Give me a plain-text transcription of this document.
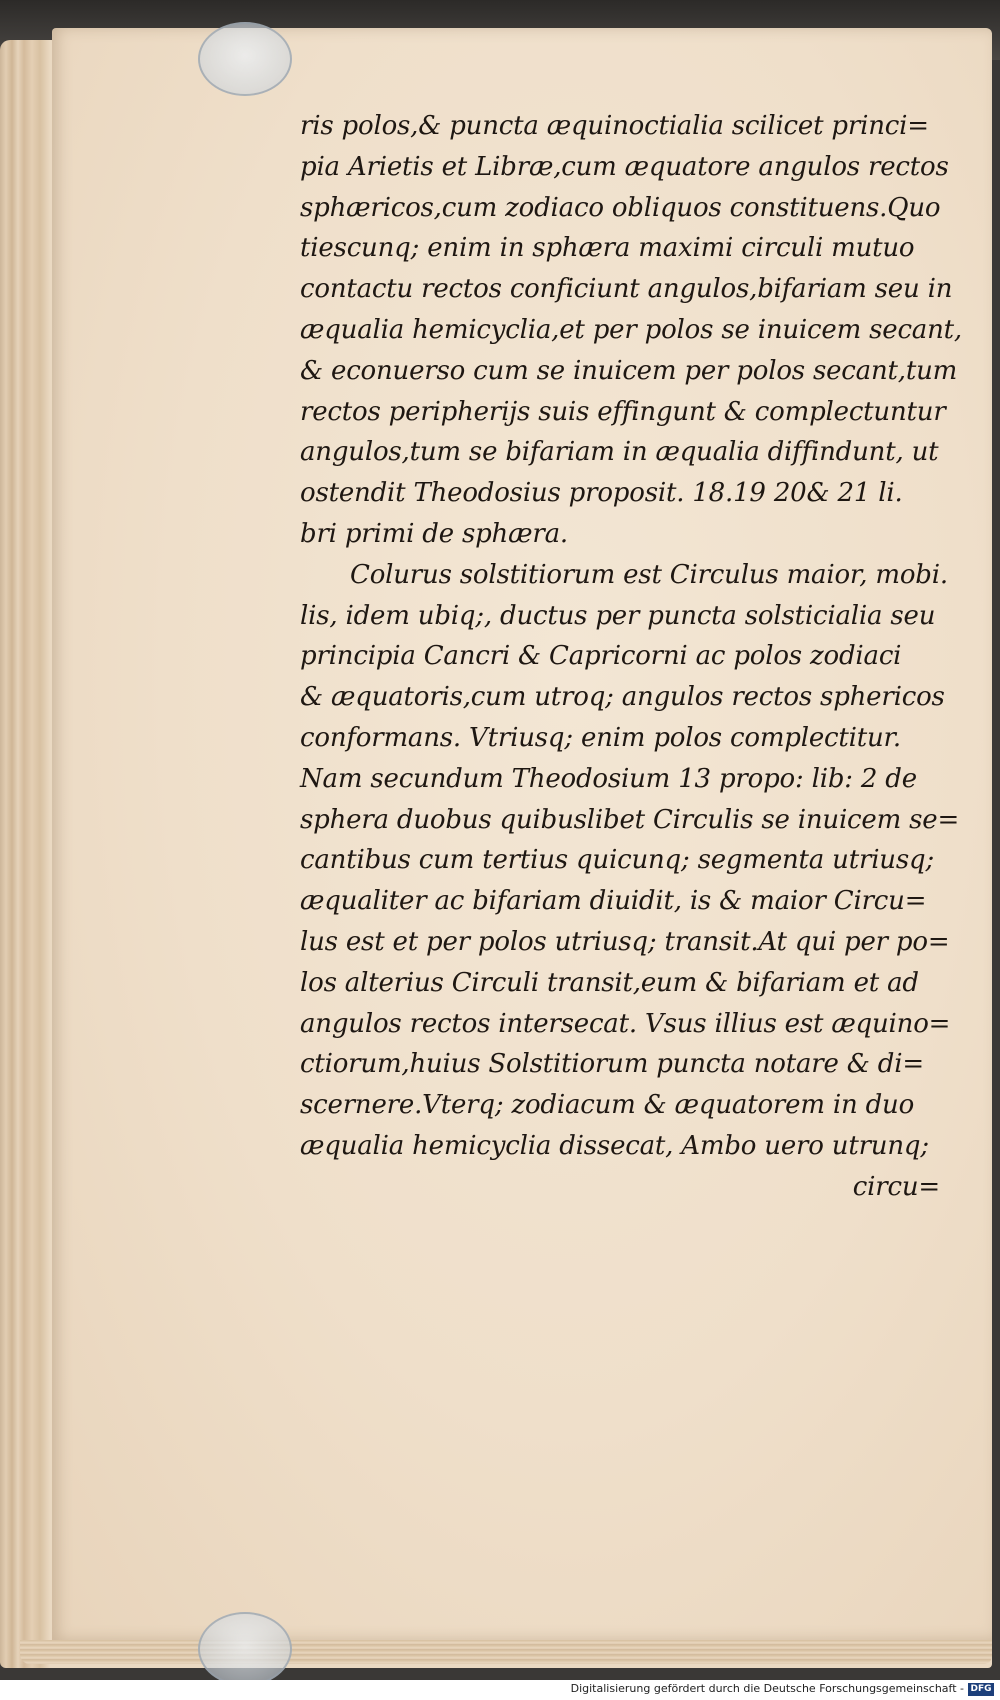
ris polos,& puncta æquinoctialia scilicet princi=
pia Arietis et Libræ,cum æquatore angulos rectos
sphæricos,cum zodiaco obliquos constituens.Quo
tiescunq; enim in sphæra maximi circuli mutuo
contactu rectos conficiunt angulos,bifariam seu in
æqualia hemicyclia,et per polos se inuicem secant,
& econuerso cum se inuicem per polos secant,tum
rectos peripherijs suis effingunt & complectuntur
angulos,tum se bifariam in æqualia diffindunt, ut
ostendit Theodosius proposit. 18.19 20& 21 li.
bri primi de sphæra.
Colurus solstitiorum est Circulus maior, mobi.
lis, idem ubiq;, ductus per puncta solsticialia seu
principia Cancri & Capricorni ac polos zodiaci
& æquatoris,cum utroq; angulos rectos sphericos
conformans. Vtriusq; enim polos complectitur.
Nam secundum Theodosium 13 propo: lib: 2 de
sphera duobus quibuslibet Circulis se inuicem se=
cantibus cum tertius quicunq; segmenta utriusq;
æqualiter ac bifariam diuidit, is & maior Circu=
lus est et per polos utriusq; transit.At qui per po=
los alterius Circuli transit,eum & bifariam et ad
angulos rectos intersecat. Vsus illius est æquino=
ctiorum,huius Solstitiorum puncta notare & di=
scernere.Vterq; zodiacum & æquatorem in duo
æqualia hemicyclia dissecat, Ambo uero utrunq;
circu=
Digitalisierung gefördert durch die Deutsche Forschungsgemeinschaft - DFG
